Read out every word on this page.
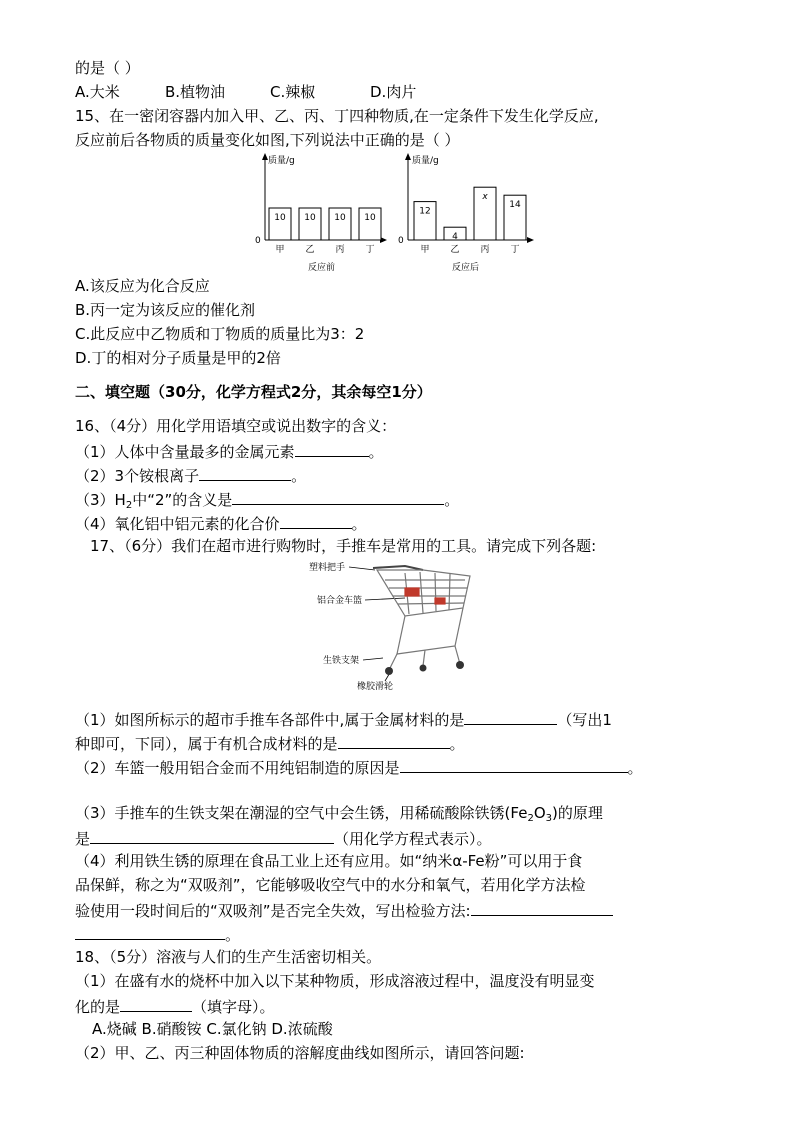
的是（ ）
A.大米	B.植物油	C.辣椒	D.肉片
15、在一密闭容器内加入甲、乙、丙、丁四种物质,在一定条件下发生化学反应,
反应前后各物质的质量变化如图,下列说法中正确的是（ ）
质量/g
0
10
甲
10
乙
10
丙
10
丁
反应前
质量/g
0
12
甲
4
乙
x
丙
14
丁
反应后
A.该反应为化合反应
B.丙一定为该反应的催化剂
C.此反应中乙物质和丁物质的质量比为3：2
D.丁的相对分子质量是甲的2倍
二、填空题（30分，化学方程式2分，其余每空1分）
16、（4分）用化学用语填空或说出数字的含义：
（1）人体中含量最多的金属元素	。
（2）3个铵根离子	。
$(3)H_2$中“2”的含义是	。
（4）氧化铝中铝元素的化合价	。
17、（6分）我们在超市进行购物时，手推车是常用的工具。请完成下列各题:
塑料把手
铝合金车篮
生铁支架
橡胶滑轮
（1）如图所标示的超市手推车各部件中,属于金属材料的是	（写出1
种即可，下同），属于有机合成材料的是	。
（2）车篮一般用铝合金而不用纯铝制造的原因是	。
（3）手推车的生铁支架在潮湿的空气中会生锈，用稀硫酸除铁锈$(Fe_2O_3)$的原理
是	（用化学方程式表示）。
（4）利用铁生锈的原理在食品工业上还有应用。如“纳米α-Fe粉”可以用于食
品保鲜，称之为“双吸剂”，它能够吸收空气中的水分和氧气，若用化学方法检
验使用一段时间后的“双吸剂”是否完全失效，写出检验方法:
。
18、（5分）溶液与人们的生产生活密切相关。
（1）在盛有水的烧杯中加入以下某种物质，形成溶液过程中，温度没有明显变
化的是	（填字母）。
A.烧碱 B.硝酸铵 C.氯化钠 D.浓硫酸
（2）甲、乙、丙三种固体物质的溶解度曲线如图所示，请回答问题:
